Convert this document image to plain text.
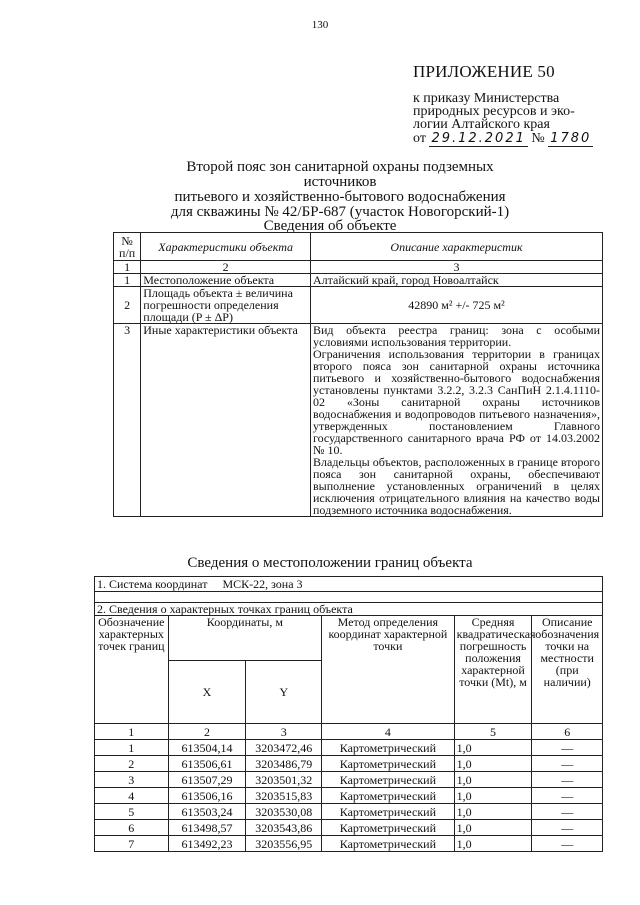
130
ПРИЛОЖЕНИЕ 50
к приказу Министерства
природных ресурсов и эко-
логии Алтайского края
от 29.12.2021 № 1780
Второй пояс зон санитарной охраны подземных источников
питьевого и хозяйственно-бытового водоснабжения
для скважины № 42/БР-687 (участок Новогорский-1)
Сведения об объекте
№ п/п	Характеристики объекта	Описание характеристик
1	2	3
1	Местоположение объекта	Алтайский край, город Новоалтайск
2	Площадь объекта ± величина погрешности определения площади (P ± ΔP)	42890 м² +/- 725 м²
3	Иные характеристики объекта	Вид объекта реестра границ: зона с особыми условиями использования территории.
Ограничения использования территории в границах второго пояса зон санитарной охраны источника питьевого и хозяйственно-бытового водоснабжения установлены пунктами 3.2.2, 3.2.3 СанПиН 2.1.4.1110-02 «Зоны санитарной охраны источников водоснабжения и водопроводов питьевого назначения», утвержденных постановлением Главного государственного санитарного врача РФ от 14.03.2002 № 10.
Владельцы объектов, расположенных в границе второго пояса зон санитарной охраны, обеспечивают выполнение установленных ограничений в целях исключения отрицательного влияния на качество воды подземного источника водоснабжения.
Сведения о местоположении границ объекта
1. Система координат МСК-22, зона 3					

2. Сведения о характерных точках границ объекта					
Обозначение характерных точек границ	Координаты, м		Метод определения координат характерной точки	Средняя квадратическая погрешность положения характерной точки (Mt), м	Описание обозначения точки на местности (при наличии)
	X	Y			
1	2	3	4	5	6
1	613504,14	3203472,46	Картометрический	1,0	—
2	613506,61	3203486,79	Картометрический	1,0	—
3	613507,29	3203501,32	Картометрический	1,0	—
4	613506,16	3203515,83	Картометрический	1,0	—
5	613503,24	3203530,08	Картометрический	1,0	—
6	613498,57	3203543,86	Картометрический	1,0	—
7	613492,23	3203556,95	Картометрический	1,0	—
